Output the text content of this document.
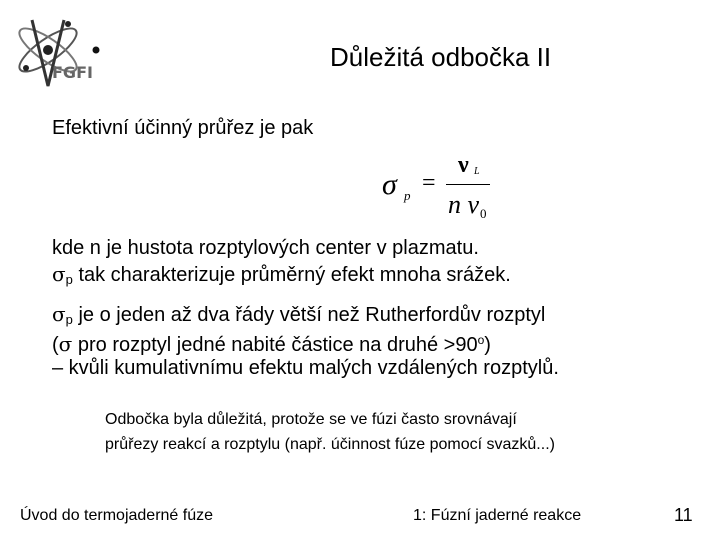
FGFI
Důležitá odbočka II
Efektivní účinný průřez je pak
σ p =
ν L
n v 0
kde n je hustota rozptylových center v plazmatu.
$\sigma_p$ tak charakterizuje průměrný efekt mnoha srážek.
$\sigma_p$ je o jeden až dva řády větší než Rutherfordův rozptyl
(σ pro rozptyl jedné nabité částice na druhé $>90^o$)
– kvůli kumulativnímu efektu malých vzdálených rozptylů.
Odbočka byla důležitá, protože se ve fúzi často srovnávají
průřezy reakcí a rozptylu (např. účinnost fúze pomocí svazků...)
Úvod do termojaderné fúze	1: Fúzní jaderné reakce	11
